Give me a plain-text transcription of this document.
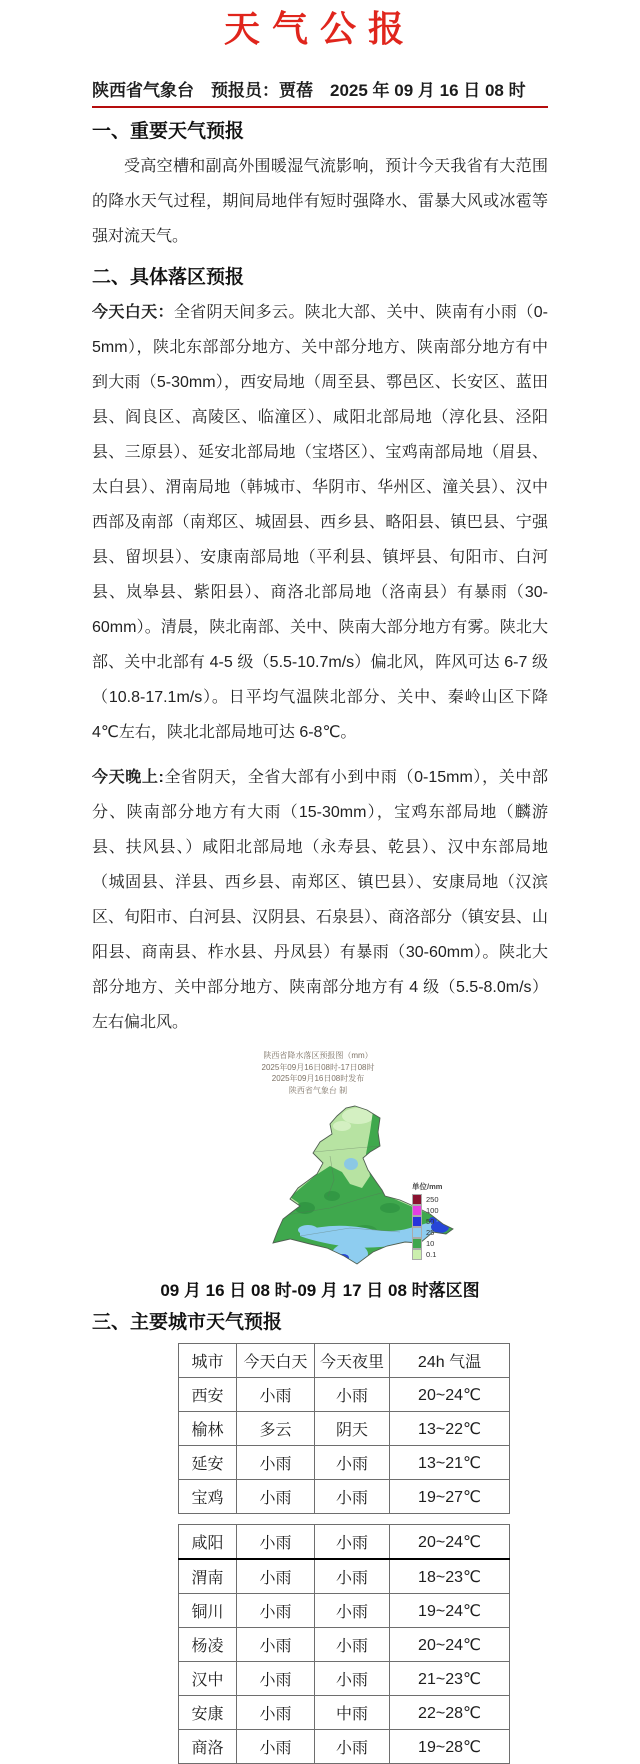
天气公报
陕西省气象台　预报员：贾蓓　2025 年 09 月 16 日 08 时
一、重要天气预报

受高空槽和副高外围暖湿气流影响，预计今天我省有大范围的降水天气过程，期间局地伴有短时强降水、雷暴大风或冰雹等强对流天气。

二、具体落区预报

今天白天：全省阴天间多云。陕北大部、关中、陕南有小雨（0-5mm），陕北东部部分地方、关中部分地方、陕南部分地方有中到大雨（5-30mm），西安局地（周至县、鄠邑区、长安区、蓝田县、阎良区、高陵区、临潼区）、咸阳北部局地（淳化县、泾阳县、三原县）、延安北部局地（宝塔区）、宝鸡南部局地（眉县、太白县）、渭南局地（韩城市、华阴市、华州区、潼关县）、汉中西部及南部（南郑区、城固县、西乡县、略阳县、镇巴县、宁强县、留坝县）、安康南部局地（平利县、镇坪县、旬阳市、白河县、岚皋县、紫阳县）、商洛北部局地（洛南县）有暴雨（30-60mm）。清晨，陕北南部、关中、陕南大部分地方有雾。陕北大部、关中北部有 4-5 级（5.5-10.7m/s）偏北风，阵风可达 6-7 级（10.8-17.1m/s）。日平均气温陕北部分、关中、秦岭山区下降 4℃左右，陕北北部局地可达 6-8℃。

今天晚上:全省阴天，全省大部有小到中雨（0-15mm），关中部分、陕南部分地方有大雨（15-30mm），宝鸡东部局地（麟游县、扶风县、）咸阳北部局地（永寿县、乾县）、汉中东部局地（城固县、洋县、西乡县、南郑区、镇巴县）、安康局地（汉滨区、旬阳市、白河县、汉阴县、石泉县）、商洛部分（镇安县、山阳县、商南县、柞水县、丹凤县）有暴雨（30-60mm）。陕北大部分地方、关中部分地方、陕南部分地方有 4 级（5.5-8.0m/s）左右偏北风。

陕西省降水落区预报图（mm）
2025年09月16日08时-17日08时
2025年09月16日08时发布
陕西省气象台 制
单位/mm
250
100
50
25
10
0.1
09 月 16 日 08 时-09 月 17 日 08 时落区图
三、主要城市天气预报
城市	今天白天	今天夜里	24h 气温
西安	小雨	小雨	20~24℃
榆林	多云	阴天	13~22℃
延安	小雨	小雨	13~21℃
宝鸡	小雨	小雨	19~27℃
咸阳	小雨	小雨	20~24℃
渭南	小雨	小雨	18~23℃
铜川	小雨	小雨	19~24℃
杨凌	小雨	小雨	20~24℃
汉中	小雨	小雨	21~23℃
安康	小雨	中雨	22~28℃
商洛	小雨	小雨	19~28℃
